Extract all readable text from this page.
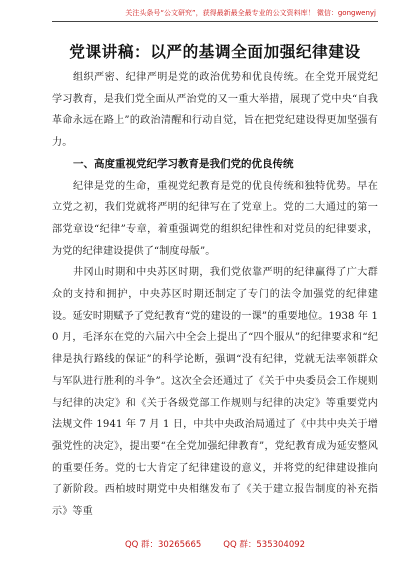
关注头条号“公文研究”，获得最新最全最专业的公文资料库！ 微信：gongwenyj
党课讲稿：以严的基调全面加强纪律建设

组织严密、纪律严明是党的政治优势和优良传统。在全党开展党纪学习教育，是我们党全面从严治党的又一重大举措，展现了党中央“自我革命永远在路上”的政治清醒和行动自觉，旨在把党纪建设得更加坚强有力。

一、高度重视党纪学习教育是我们党的优良传统

纪律是党的生命，重视党纪教育是党的优良传统和独特优势。早在立党之初，我们党就将严明的纪律写在了党章上。党的二大通过的第一部党章设“纪律”专章，着重强调党的组织纪律性和对党员的纪律要求，为党的纪律建设提供了“制度母版”。

井冈山时期和中央苏区时期，我们党依靠严明的纪律赢得了广大群众的支持和拥护，中央苏区时期还制定了专门的法令加强党的纪律建设。延安时期赋予了党纪教育“党的建设的一课”的重要地位。1938 年 10 月，毛泽东在党的六届六中全会上提出了“四个服从”的纪律要求和“纪律是执行路线的保证”的科学论断，强调“没有纪律，党就无法率领群众与军队进行胜利的斗争”。这次全会还通过了《关于中央委员会工作规则与纪律的决定》和《关于各级党部工作规则与纪律的决定》等重要党内法规文件 1941 年 7 月 1 日，中共中央政治局通过了《中共中央关于增强党性的决定》，提出要“在全党加强纪律教育”，党纪教育成为延安整风的重要任务。党的七大肯定了纪律建设的意义，并将党的纪律建设推向了新阶段。西柏坡时期党中央相继发布了《关于建立报告制度的补充指示》等重

QQ 群：30265665	QQ 群：535304092
